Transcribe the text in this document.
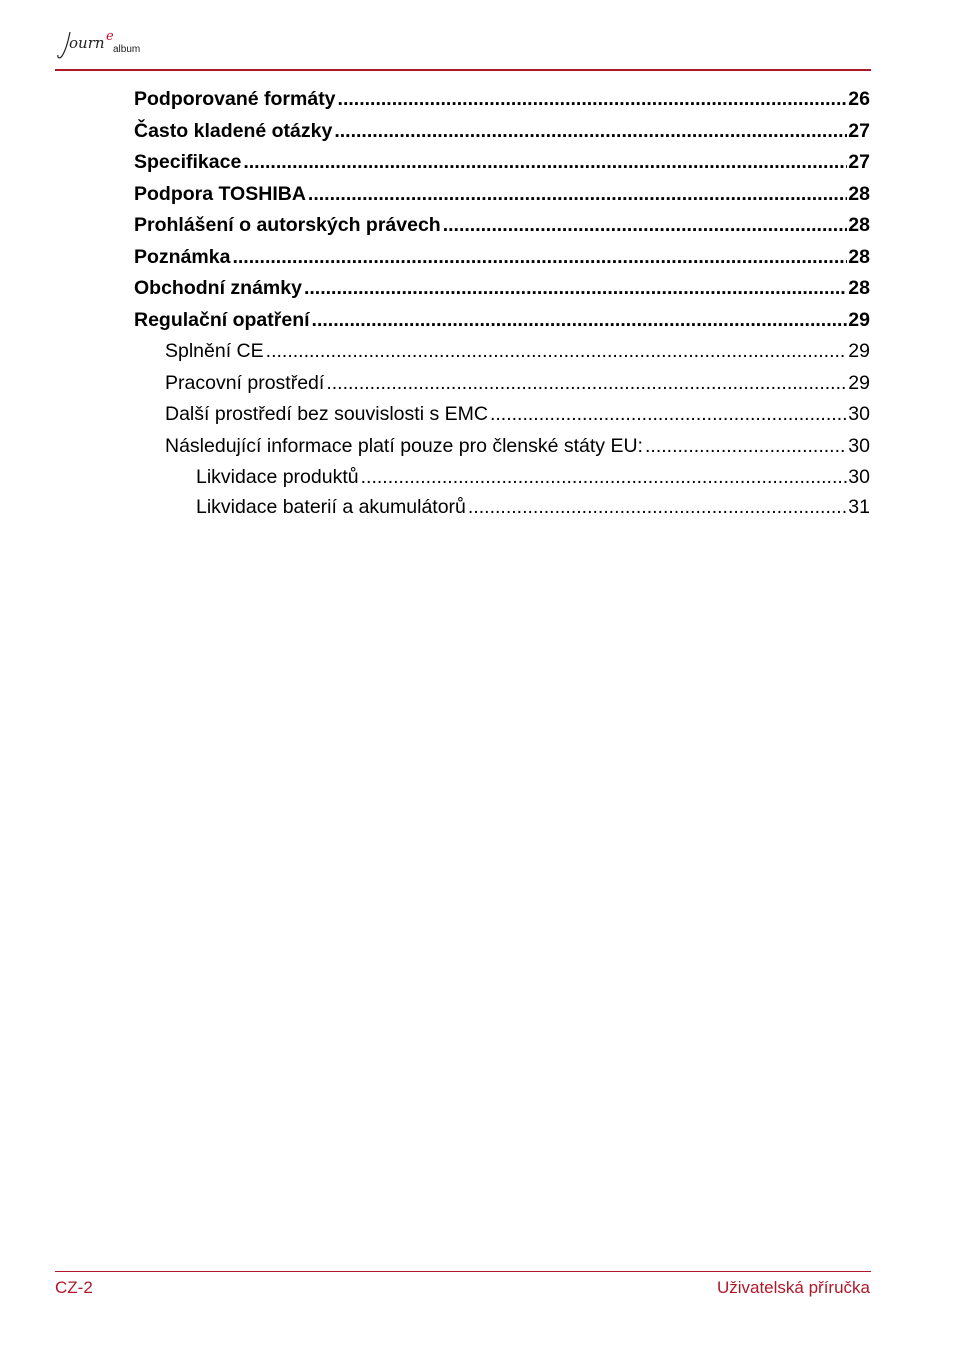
ourn e
album
Podporované formáty .....	26
Často kladené otázky .....	27
Specifikace .....	27
Podpora TOSHIBA .....	28
Prohlášení o autorských právech .....	28
Poznámka .....	28
Obchodní známky .....	28
Regulační opatření .....	29
Splnění CE .....	29
Pracovní prostředí .....	29
Další prostředí bez souvislosti s EMC .....	30
Následující informace platí pouze pro členské státy EU: .....	30
Likvidace produktů .....	30
Likvidace baterií a akumulátorů .....	31
CZ-2	Uživatelská příručka
